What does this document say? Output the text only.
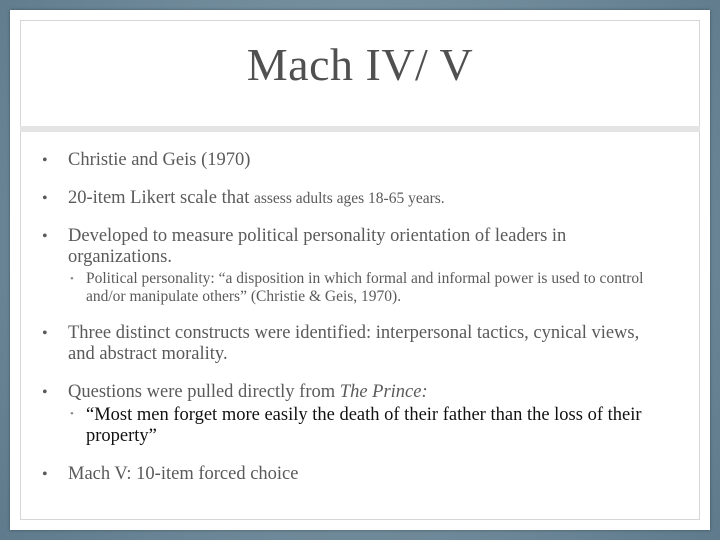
Mach IV/ V
• Christie and Geis (1970)
• 20-item Likert scale that assess adults ages 18-65 years.
• Developed to measure political personality orientation of leaders in organizations.
• Political personality: “a disposition in which formal and informal power is used to control and/or manipulate others” (Christie & Geis, 1970).
• Three distinct constructs were identified: interpersonal tactics, cynical views, and abstract morality.
• Questions were pulled directly from The Prince:
• “Most men forget more easily the death of their father than the loss of their property”
• Mach V: 10-item forced choice
